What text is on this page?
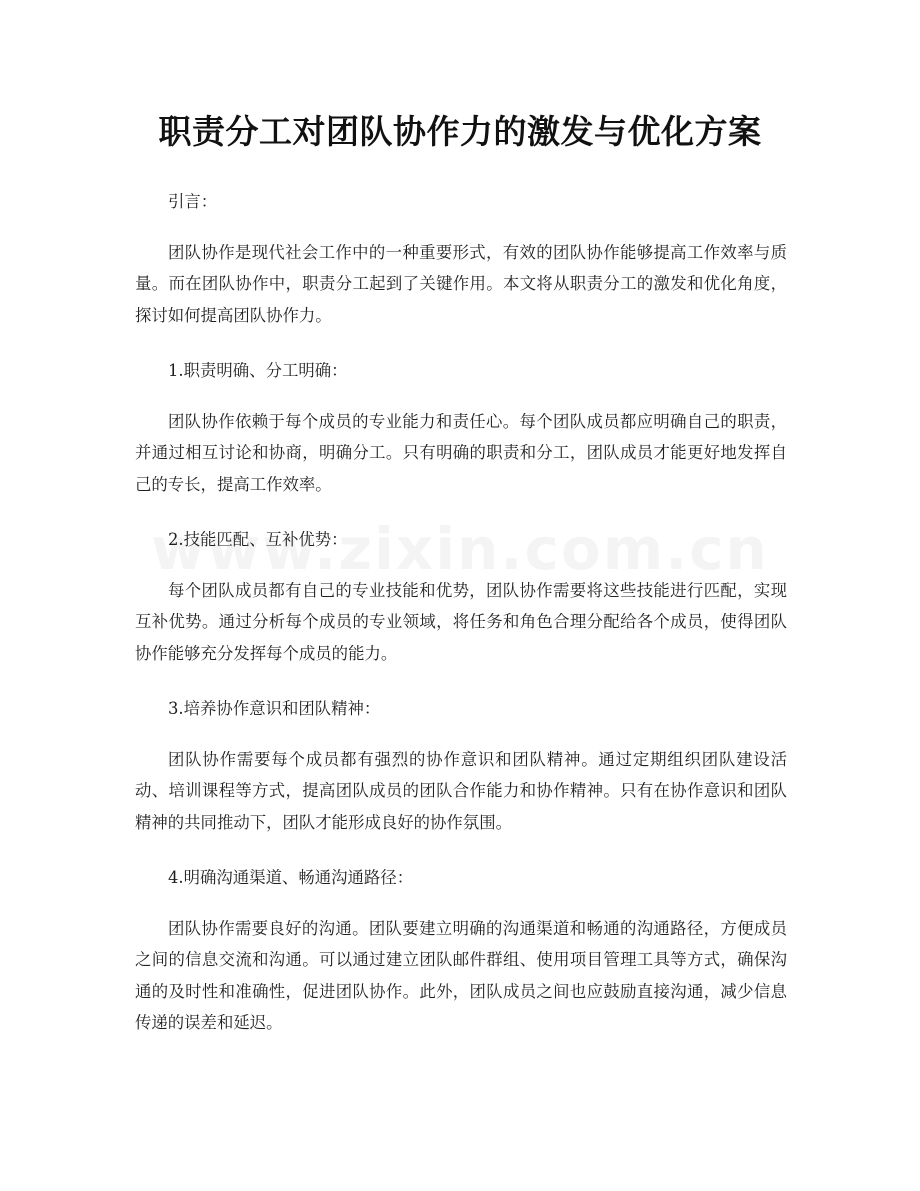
职责分工对团队协作力的激发与优化方案

引言：

团队协作是现代社会工作中的一种重要形式，有效的团队协作能够提高工作效率与质量。而在团队协作中，职责分工起到了关键作用。本文将从职责分工的激发和优化角度，探讨如何提高团队协作力。

1.职责明确、分工明确：

团队协作依赖于每个成员的专业能力和责任心。每个团队成员都应明确自己的职责，并通过相互讨论和协商，明确分工。只有明确的职责和分工，团队成员才能更好地发挥自己的专长，提高工作效率。

2.技能匹配、互补优势：

每个团队成员都有自己的专业技能和优势，团队协作需要将这些技能进行匹配，实现互补优势。通过分析每个成员的专业领域，将任务和角色合理分配给各个成员，使得团队协作能够充分发挥每个成员的能力。

3.培养协作意识和团队精神：

团队协作需要每个成员都有强烈的协作意识和团队精神。通过定期组织团队建设活动、培训课程等方式，提高团队成员的团队合作能力和协作精神。只有在协作意识和团队精神的共同推动下，团队才能形成良好的协作氛围。

4.明确沟通渠道、畅通沟通路径：

团队协作需要良好的沟通。团队要建立明确的沟通渠道和畅通的沟通路径，方便成员之间的信息交流和沟通。可以通过建立团队邮件群组、使用项目管理工具等方式，确保沟通的及时性和准确性，促进团队协作。此外，团队成员之间也应鼓励直接沟通，减少信息传递的误差和延迟。
